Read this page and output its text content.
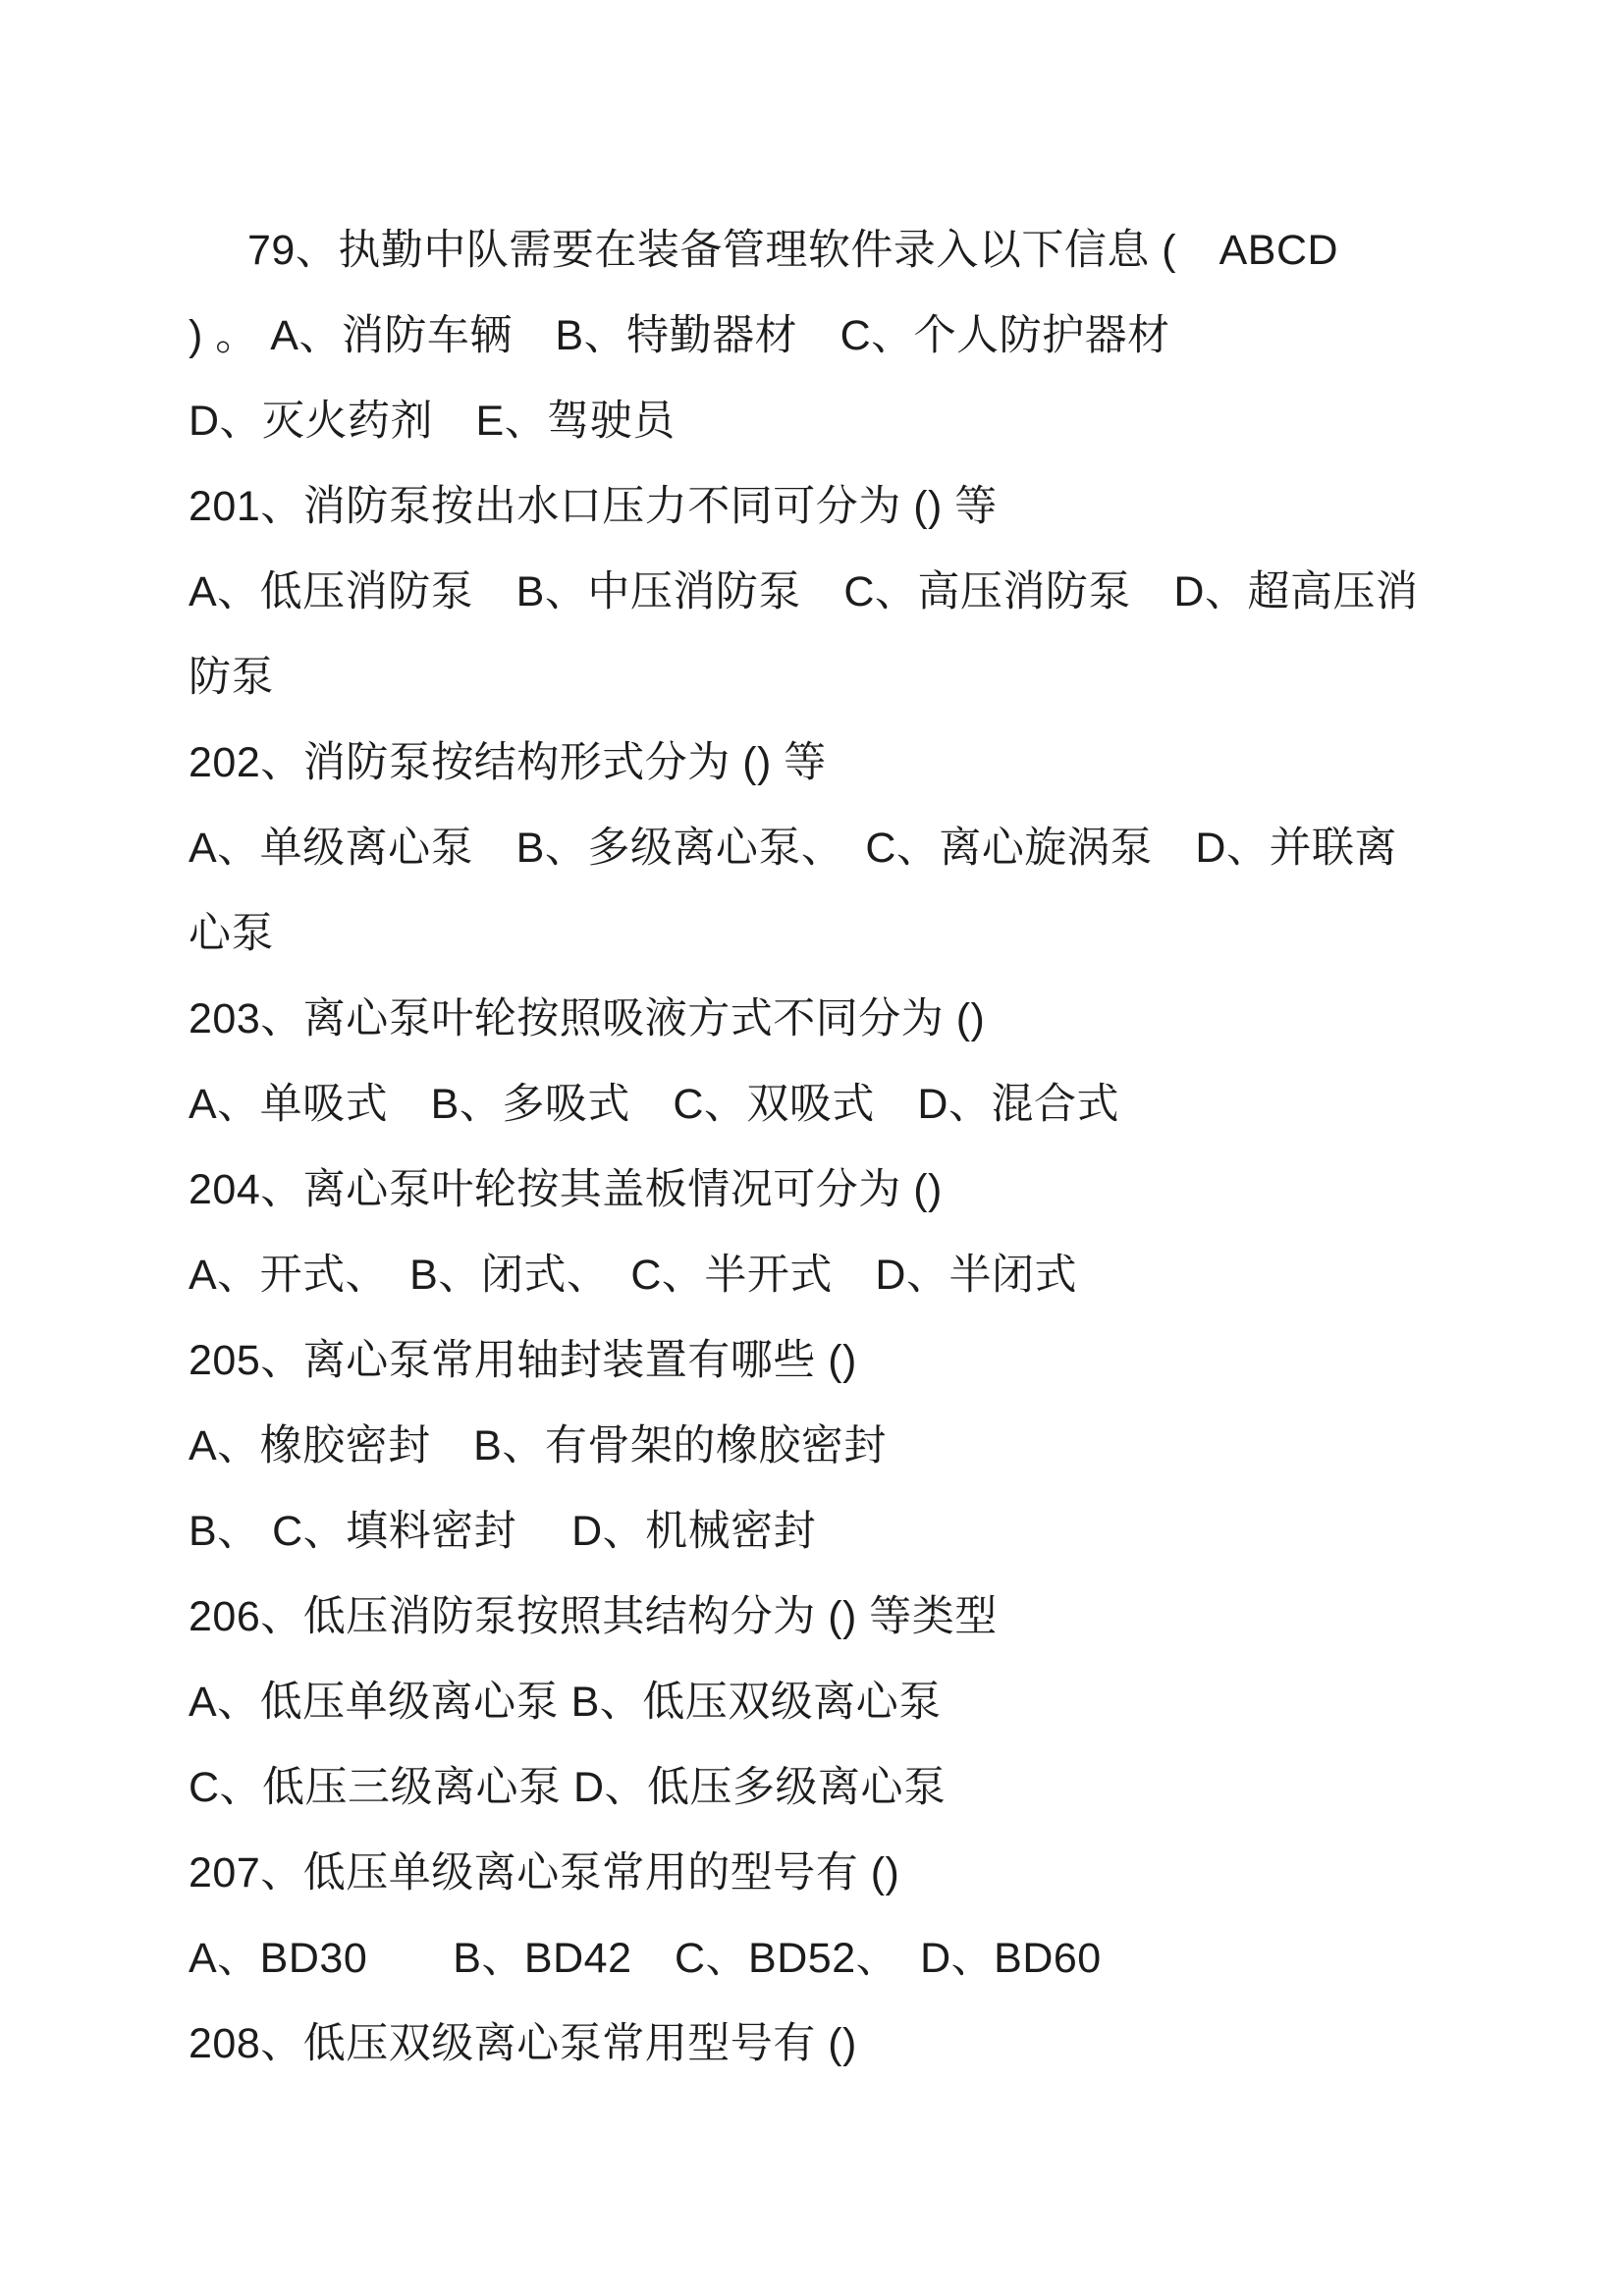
79、执勤中队需要在装备管理软件录入以下信息 (　ABCD
) 。 A、消防车辆　B、特勤器材　C、个人防护器材
D、灭火药剂　E、驾驶员
201、消防泵按出水口压力不同可分为 () 等
A、低压消防泵　B、中压消防泵　C、高压消防泵　D、超高压消
防泵
202、消防泵按结构形式分为 () 等
A、单级离心泵　B、多级离心泵、　C、离心旋涡泵　D、并联离
心泵
203、离心泵叶轮按照吸液方式不同分为 ()
A、单吸式　B、多吸式　C、双吸式　D、混合式
204、离心泵叶轮按其盖板情况可分为 ()
A、开式、　B、闭式、　C、半开式　D、半闭式
205、离心泵常用轴封装置有哪些 ()
A、橡胶密封　B、有骨架的橡胶密封
B、 C、填料密封　 D、机械密封
206、低压消防泵按照其结构分为 () 等类型
A、低压单级离心泵 B、低压双级离心泵
C、低压三级离心泵 D、低压多级离心泵
207、低压单级离心泵常用的型号有 ()
A、BD30　　B、BD42　C、BD52、　D、BD60
208、低压双级离心泵常用型号有 ()
